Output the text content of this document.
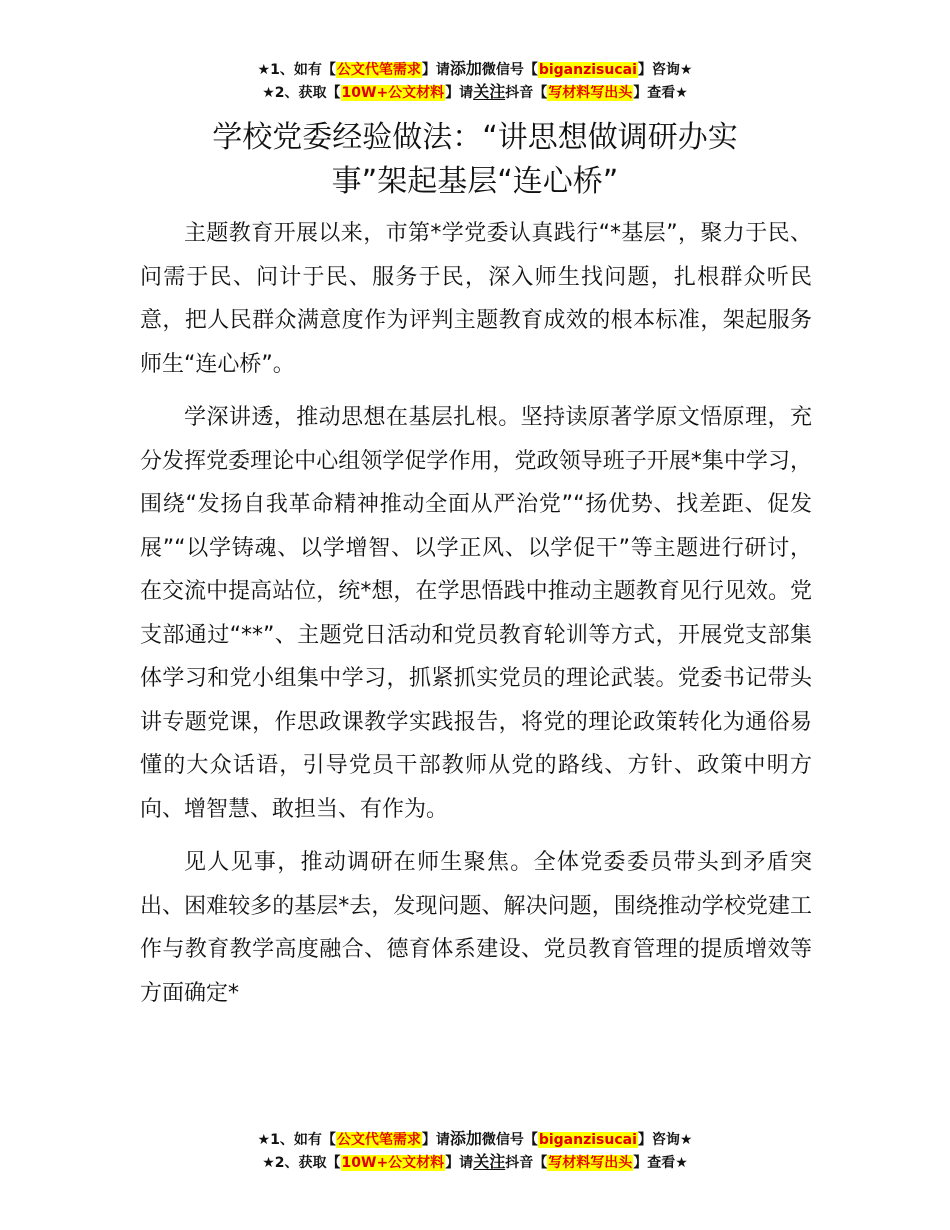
★1、如有【公文代笔需求】请添加微信号【biganzisucai】咨询★
★2、获取【10W+公文材料】请关注抖音【写材料写出头】查看★
学校党委经验做法：“讲思想做调研办实
事”架起基层“连心桥”

主题教育开展以来，市第*学党委认真践行“*基层”，聚力于民、问需于民、问计于民、服务于民，深入师生找问题，扎根群众听民意，把人民群众满意度作为评判主题教育成效的根本标准，架起服务师生“连心桥”。

学深讲透，推动思想在基层扎根。坚持读原著学原文悟原理，充分发挥党委理论中心组领学促学作用，党政领导班子开展*集中学习，围绕“发扬自我革命精神推动全面从严治党”“扬优势、找差距、促发展”“以学铸魂、以学增智、以学正风、以学促干”等主题进行研讨，在交流中提高站位，统*想，在学思悟践中推动主题教育见行见效。党支部通过“**”、主题党日活动和党员教育轮训等方式，开展党支部集体学习和党小组集中学习，抓紧抓实党员的理论武装。党委书记带头讲专题党课，作思政课教学实践报告，将党的理论政策转化为通俗易懂的大众话语，引导党员干部教师从党的路线、方针、政策中明方向、增智慧、敢担当、有作为。

见人见事，推动调研在师生聚焦。全体党委委员带头到矛盾突出、困难较多的基层*去，发现问题、解决问题，围绕推动学校党建工作与教育教学高度融合、德育体系建设、党员教育管理的提质增效等方面确定*

★1、如有【公文代笔需求】请添加微信号【biganzisucai】咨询★
★2、获取【10W+公文材料】请关注抖音【写材料写出头】查看★
